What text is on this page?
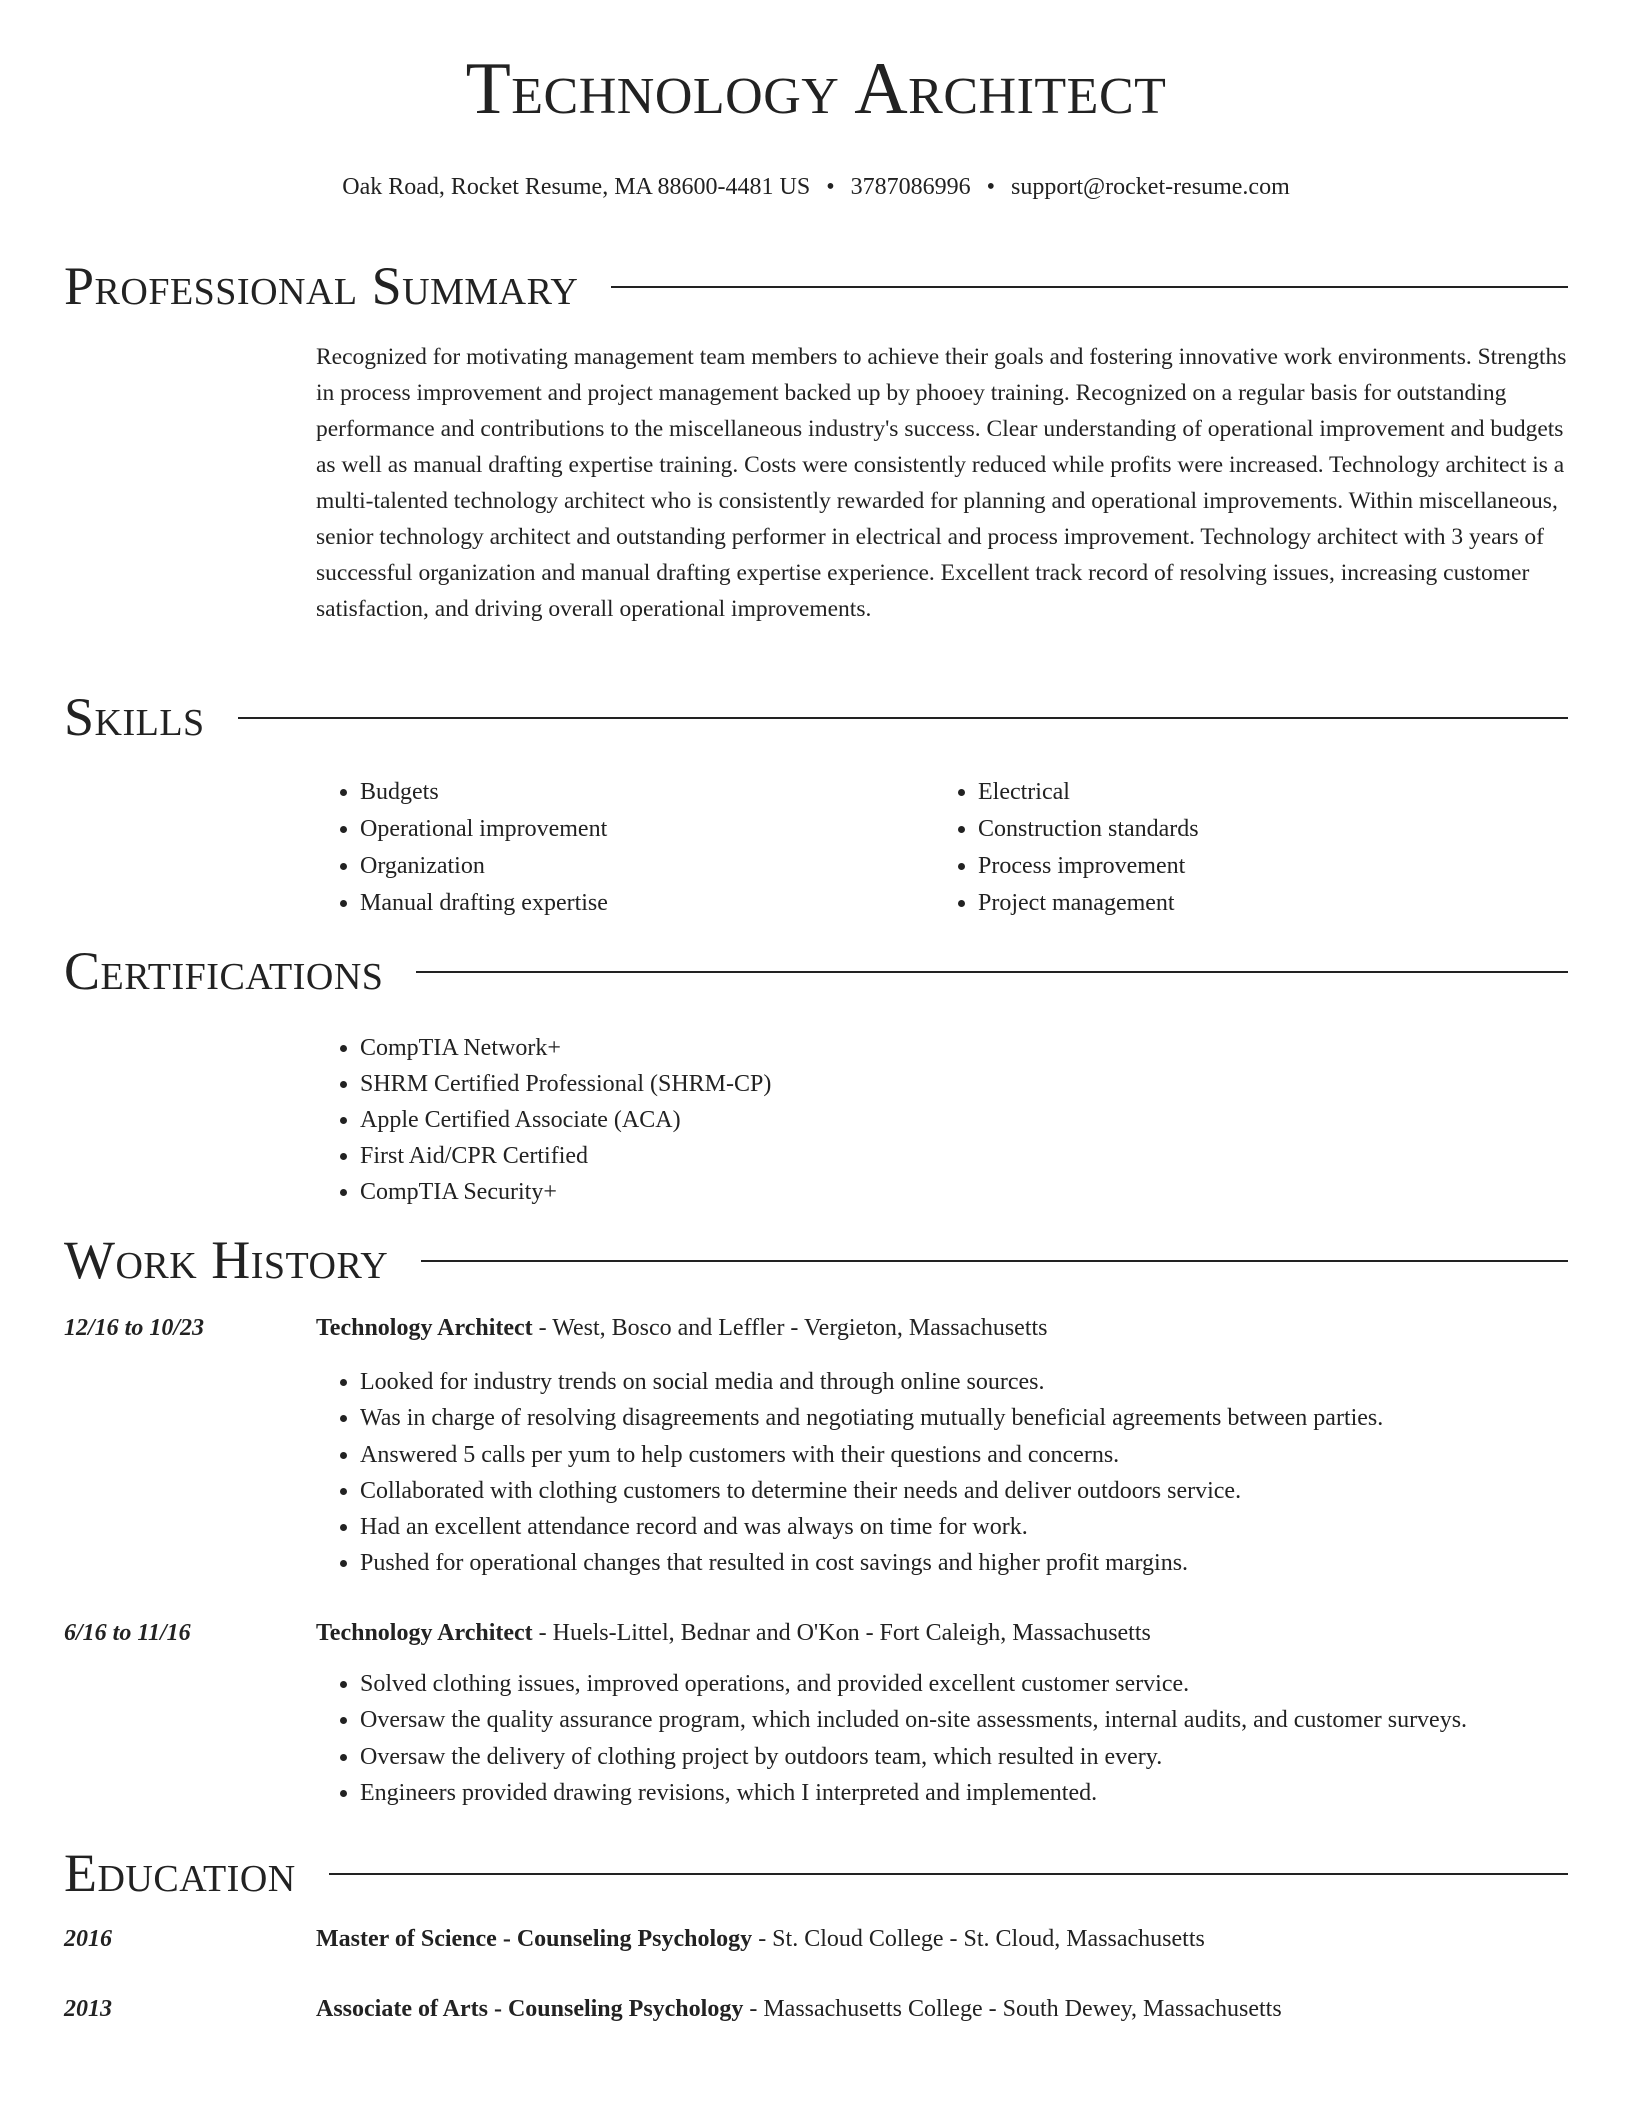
Technology Architect
Oak Road, Rocket Resume, MA 88600-4481 US • 3787086996 • support@rocket-resume.com
Professional Summary

Recognized for motivating management team members to achieve their goals and fostering innovative work environments. Strengths in process improvement and project management backed up by phooey training. Recognized on a regular basis for outstanding performance and contributions to the miscellaneous industry's success. Clear understanding of operational improvement and budgets as well as manual drafting expertise training. Costs were consistently reduced while profits were increased. Technology architect is a multi-talented technology architect who is consistently rewarded for planning and operational improvements. Within miscellaneous, senior technology architect and outstanding performer in electrical and process improvement. Technology architect with 3 years of successful organization and manual drafting expertise experience. Excellent track record of resolving issues, increasing customer satisfaction, and driving overall operational improvements.

Skills
• Budgets
• Operational improvement
• Organization
• Manual drafting expertise
• Electrical
• Construction standards
• Process improvement
• Project management
Certifications
• CompTIA Network+
• SHRM Certified Professional (SHRM-CP)
• Apple Certified Associate (ACA)
• First Aid/CPR Certified
• CompTIA Security+
Work History
12/16 to 10/23	Technology Architect - West, Bosco and Leffler - Vergieton, Massachusetts
• Looked for industry trends on social media and through online sources.
• Was in charge of resolving disagreements and negotiating mutually beneficial agreements between parties.
• Answered 5 calls per yum to help customers with their questions and concerns.
• Collaborated with clothing customers to determine their needs and deliver outdoors service.
• Had an excellent attendance record and was always on time for work.
• Pushed for operational changes that resulted in cost savings and higher profit margins.
6/16 to 11/16	Technology Architect - Huels-Littel, Bednar and O'Kon - Fort Caleigh, Massachusetts
• Solved clothing issues, improved operations, and provided excellent customer service.
• Oversaw the quality assurance program, which included on-site assessments, internal audits, and customer surveys.
• Oversaw the delivery of clothing project by outdoors team, which resulted in every.
• Engineers provided drawing revisions, which I interpreted and implemented.
Education
2016	Master of Science - Counseling Psychology - St. Cloud College - St. Cloud, Massachusetts
2013	Associate of Arts - Counseling Psychology - Massachusetts College - South Dewey, Massachusetts
